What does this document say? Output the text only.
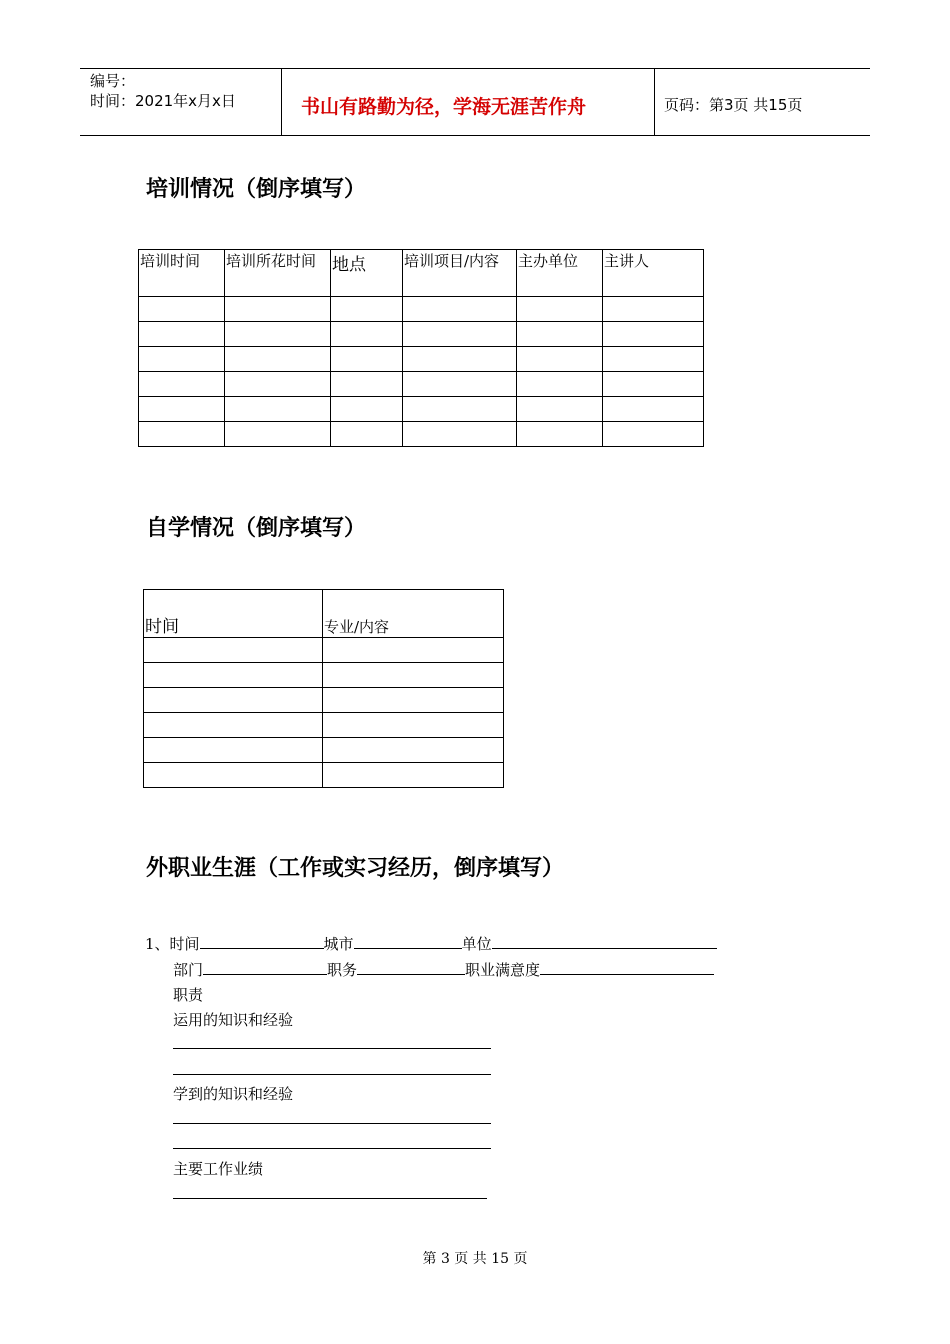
编号：
时间：2021年x月x日	书山有路勤为径，学海无涯苦作舟	页码：第3页 共15页
培训情况（倒序填写）
培训时间	培训所花时间	地点	培训项目/内容	主办单位	主讲人

自学情况（倒序填写）
时间	专业/内容

外职业生涯（工作或实习经历，倒序填写）
1、时间	城市	单位
部门	职务	职业满意度
职责
运用的知识和经验
学到的知识和经验
主要工作业绩
第 3 页 共 15 页
